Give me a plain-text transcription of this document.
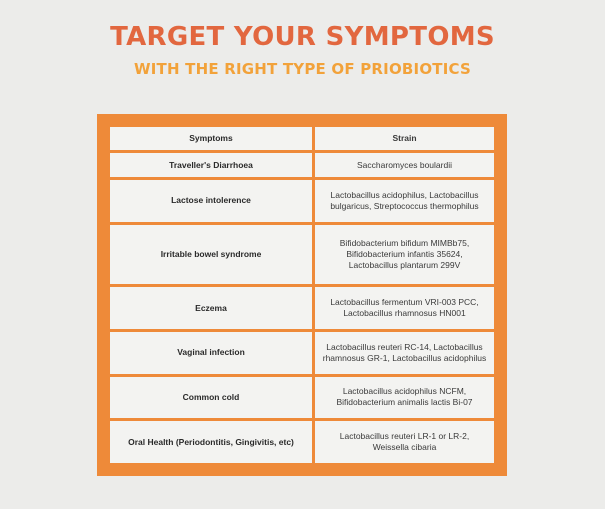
TARGET YOUR SYMPTOMS
WITH THE RIGHT TYPE OF PRIOBIOTICS
Symptoms	Strain
Traveller's Diarrhoea	Saccharomyces boulardii
Lactose intolerence	Lactobacillus acidophilus, Lactobacillus bulgaricus, Streptococcus thermophilus
Irritable bowel syndrome	Bifidobacterium bifidum MIMBb75, Bifidobacterium infantis 35624, Lactobacillus plantarum 299V
Eczema	Lactobacillus fermentum VRI-003 PCC, Lactobacillus rhamnosus HN001
Vaginal infection	Lactobacillus reuteri RC-14, Lactobacillus rhamnosus GR-1, Lactobacillus acidophilus
Common cold	Lactobacillus acidophilus NCFM, Bifidobacterium animalis lactis Bi-07
Oral Health (Periodontitis, Gingivitis, etc)	Lactobacillus reuteri LR-1 or LR-2, Weissella cibaria
